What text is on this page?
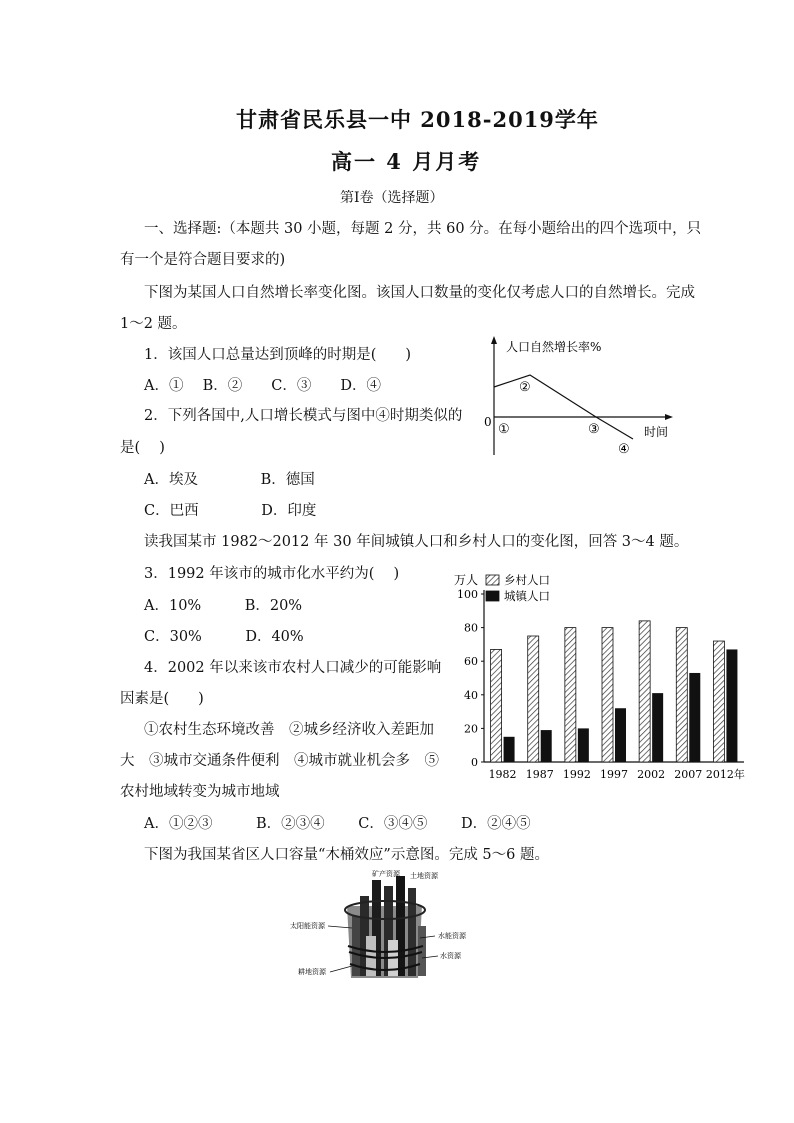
甘肃省民乐县一中 2018-2019学年
高一 4 月月考
第Ⅰ卷（选择题）
一、选择题:（本题共 30 小题，每题 2 分，共 60 分。在每小题给出的四个选项中，只
有一个是符合题目要求的)
下图为某国人口自然增长率变化图。该国人口数量的变化仅考虑人口的自然增长。完成
1～2 题。
1．该国人口总量达到顶峰的时期是(　　)
A．①　 B．②　　C．③　　D．④
2．下列各国中,人口增长模式与图中④时期类似的
是(　 )
A．埃及　　　　 B．德国
C．巴西　　　　 D．印度
人口自然增长率%
时间
0 ①
②
③
④
读我国某市 1982～2012 年 30 年间城镇人口和乡村人口的变化图，回答 3～4 题。
3．1992 年该市的城市化水平约为(　 )
A．10%　　　B．20%
C．30%　　　D．40%
4．2002 年以来该市农村人口减少的可能影响
因素是(　　)
①农村生态环境改善　②城乡经济收入差距加
大　③城市交通条件便利　④城市就业机会多　⑤
农村地域转变为城市地域
A．①②③　　　B．②③④　　 C．③④⑤　　 D．②④⑤
万人
0
20
40
60
80
100
1982 1987 1992 1997 2002 2007 2012年
乡村人口
城镇人口
下图为我国某省区人口容量“木桶效应”示意图。完成 5～6 题。
矿产资源 土地资源
太阳能资源
水能资源
水资源
耕地资源
